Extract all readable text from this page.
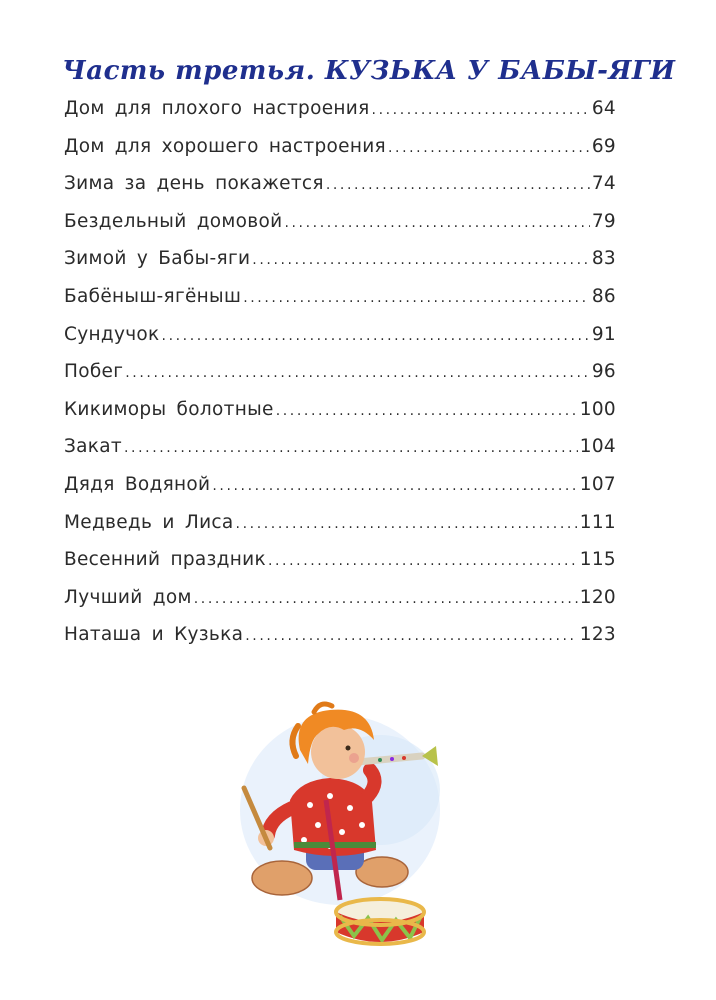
Часть третья. КУЗЬКА У БАБЫ-ЯГИ
Дом для плохого настроения .....	64
Дом для хорошего настроения .....	69
Зима за день покажется .....	74
Бездельный домовой .....	79
Зимой у Бабы-яги .....	83
Бабёныш-ягёныш .....	86
Сундучок .....	91
Побег .....	96
Кикиморы болотные .....	100
Закат .....	104
Дядя Водяной .....	107
Медведь и Лиса .....	111
Весенний праздник .....	115
Лучший дом .....	120
Наташа и Кузька .....	123
